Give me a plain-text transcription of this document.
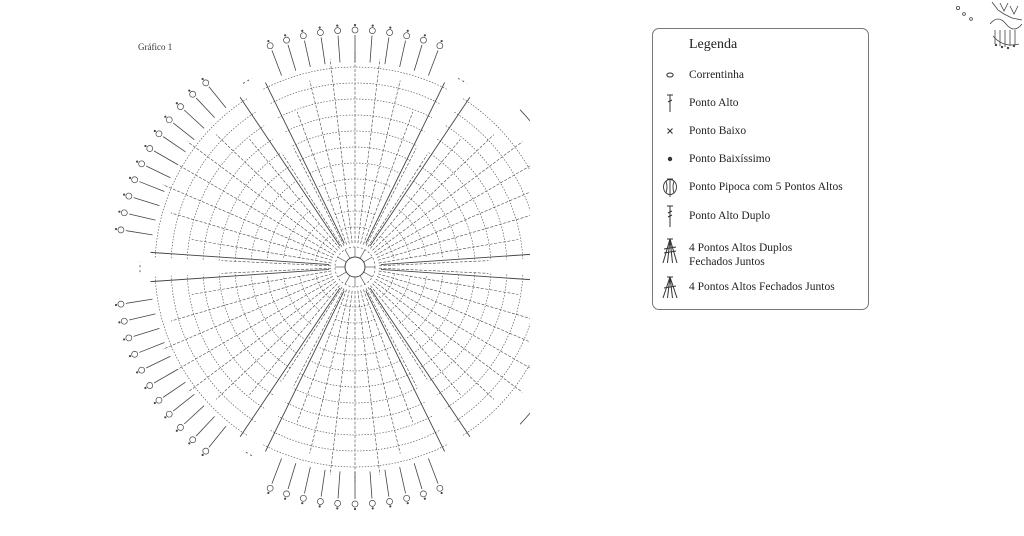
Gráfico 1	Legenda
Correntinha
Ponto Alto
Ponto Baixo
Ponto Baixíssimo
Ponto Pipoca com 5 Pontos Altos
Ponto Alto Duplo
4 Pontos Altos Duplos
Fechados Juntos
4 Pontos Altos Fechados Juntos
